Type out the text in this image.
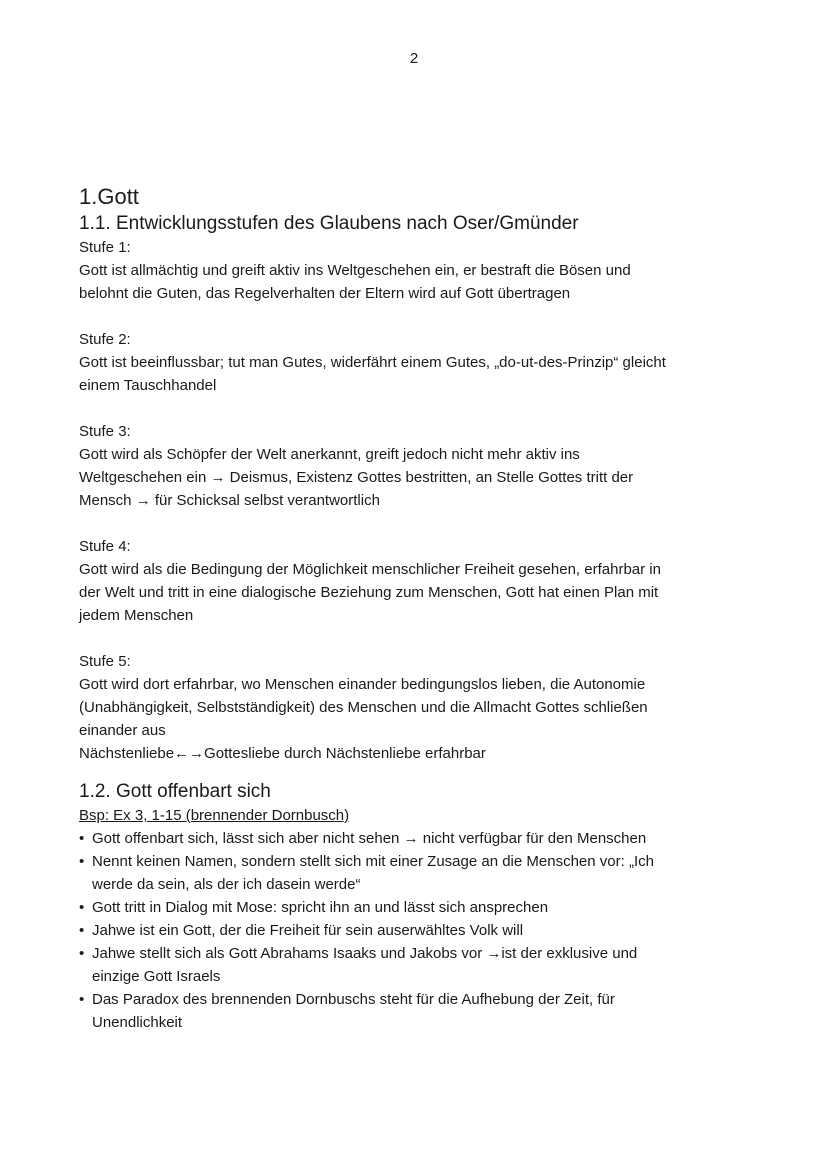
2
1.Gott
1.1. Entwicklungsstufen des Glaubens nach Oser/Gmünder

Stufe 1:

Gott ist allmächtig und greift aktiv ins Weltgeschehen ein, er bestraft die Bösen und

belohnt die Guten, das Regelverhalten der Eltern wird auf Gott übertragen

Stufe 2:

Gott ist beeinflussbar; tut man Gutes, widerfährt einem Gutes, „do-ut-des-Prinzip“ gleicht

einem Tauschhandel

Stufe 3:

Gott wird als Schöpfer der Welt anerkannt, greift jedoch nicht mehr aktiv ins

Weltgeschehen ein → Deismus, Existenz Gottes bestritten, an Stelle Gottes tritt der

Mensch → für Schicksal selbst verantwortlich

Stufe 4:

Gott wird als die Bedingung der Möglichkeit menschlicher Freiheit gesehen, erfahrbar in

der Welt und tritt in eine dialogische Beziehung zum Menschen, Gott hat einen Plan mit

jedem Menschen

Stufe 5:

Gott wird dort erfahrbar, wo Menschen einander bedingungslos lieben, die Autonomie

(Unabhängigkeit, Selbstständigkeit) des Menschen und die Allmacht Gottes schließen

einander aus

Nächstenliebe←→Gottesliebe durch Nächstenliebe erfahrbar

1.2. Gott offenbart sich

Bsp: Ex 3, 1-15 (brennender Dornbusch)

• Gott offenbart sich, lässt sich aber nicht sehen → nicht verfügbar für den Menschen
• Nennt keinen Namen, sondern stellt sich mit einer Zusage an die Menschen vor: „Ich
werde da sein, als der ich dasein werde“
• Gott tritt in Dialog mit Mose: spricht ihn an und lässt sich ansprechen
• Jahwe ist ein Gott, der die Freiheit für sein auserwähltes Volk will
• Jahwe stellt sich als Gott Abrahams Isaaks und Jakobs vor →ist der exklusive und
einzige Gott Israels
• Das Paradox des brennenden Dornbuschs steht für die Aufhebung der Zeit, für
Unendlichkeit
